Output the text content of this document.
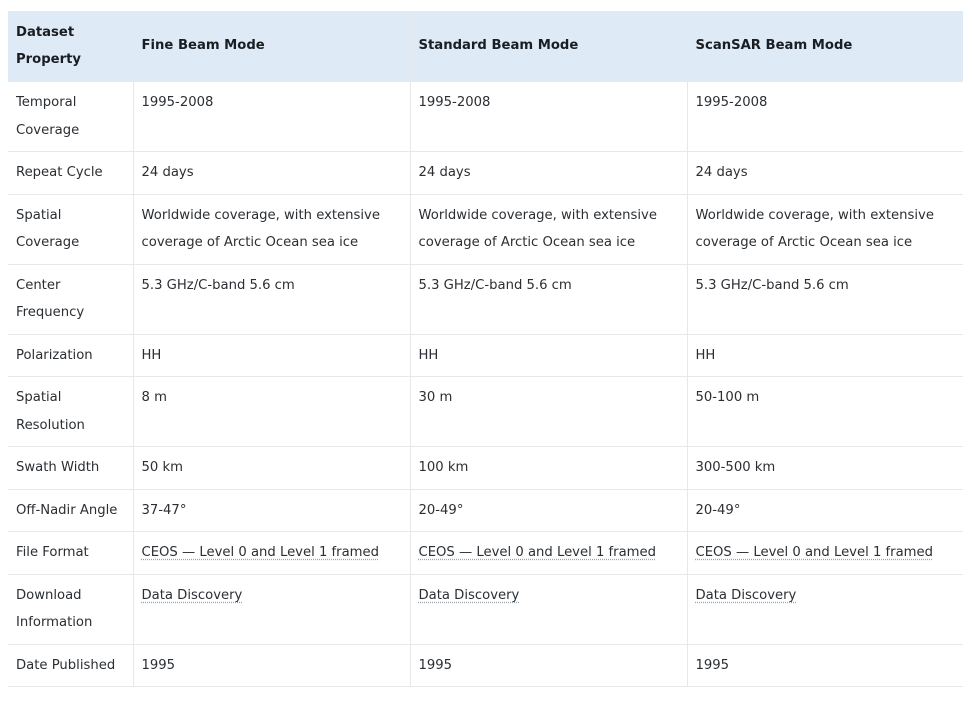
Dataset Property	Fine Beam Mode	Standard Beam Mode	ScanSAR Beam Mode
Temporal Coverage	1995-2008	1995-2008	1995-2008
Repeat Cycle	24 days	24 days	24 days
Spatial Coverage	Worldwide coverage, with extensive coverage of Arctic Ocean sea ice	Worldwide coverage, with extensive coverage of Arctic Ocean sea ice	Worldwide coverage, with extensive coverage of Arctic Ocean sea ice
Center Frequency	5.3 GHz/C-band 5.6 cm	5.3 GHz/C-band 5.6 cm	5.3 GHz/C-band 5.6 cm
Polarization	HH	HH	HH
Spatial Resolution	8 m	30 m	50-100 m
Swath Width	50 km	100 km	300-500 km
Off-Nadir Angle	37-47°	20-49°	20-49°
File Format	CEOS — Level 0 and Level 1 framed	CEOS — Level 0 and Level 1 framed	CEOS — Level 0 and Level 1 framed
Download Information	Data Discovery	Data Discovery	Data Discovery
Date Published	1995	1995	1995
